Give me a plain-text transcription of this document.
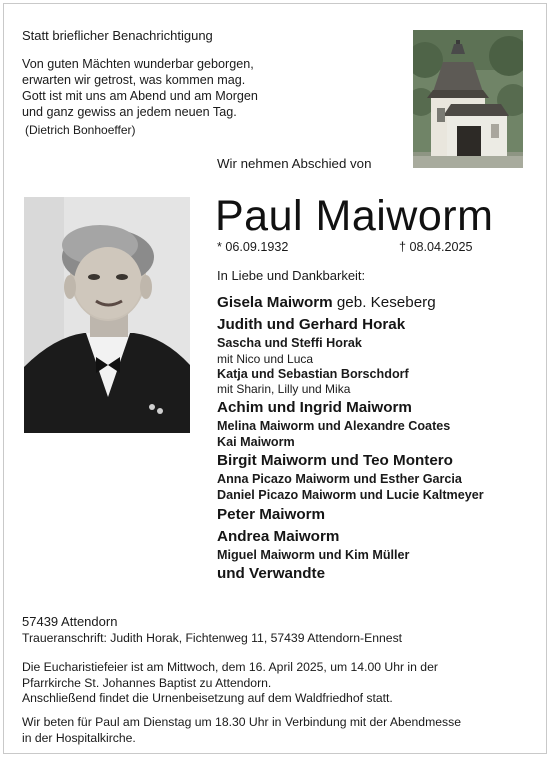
Statt brieflicher Benachrichtigung
Von guten Mächten wunderbar geborgen,
erwarten wir getrost, was kommen mag.
Gott ist mit uns am Abend und am Morgen
und ganz gewiss an jedem neuen Tag.
(Dietrich Bonhoeffer)
Wir nehmen Abschied von
Paul Maiworm
* 06.09.1932	† 08.04.2025
In Liebe und Dankbarkeit:
Gisela Maiworm geb. Keseberg
Judith und Gerhard Horak
Sascha und Steffi Horak
mit Nico und Luca
Katja und Sebastian Borschdorf
mit Sharin, Lilly und Mika
Achim und Ingrid Maiworm
Melina Maiworm und Alexandre Coates
Kai Maiworm
Birgit Maiworm und Teo Montero
Anna Picazo Maiworm und Esther Garcia
Daniel Picazo Maiworm und Lucie Kaltmeyer
Peter Maiworm
Andrea Maiworm
Miguel Maiworm und Kim Müller
und Verwandte
57439 Attendorn
Traueranschrift: Judith Horak, Fichtenweg 11, 57439 Attendorn-Ennest
Die Eucharistiefeier ist am Mittwoch, dem 16. April 2025, um 14.00 Uhr in der
Pfarrkirche St. Johannes Baptist zu Attendorn.
Anschließend findet die Urnenbeisetzung auf dem Waldfriedhof statt.
Wir beten für Paul am Dienstag um 18.30 Uhr in Verbindung mit der Abendmesse
in der Hospitalkirche.
